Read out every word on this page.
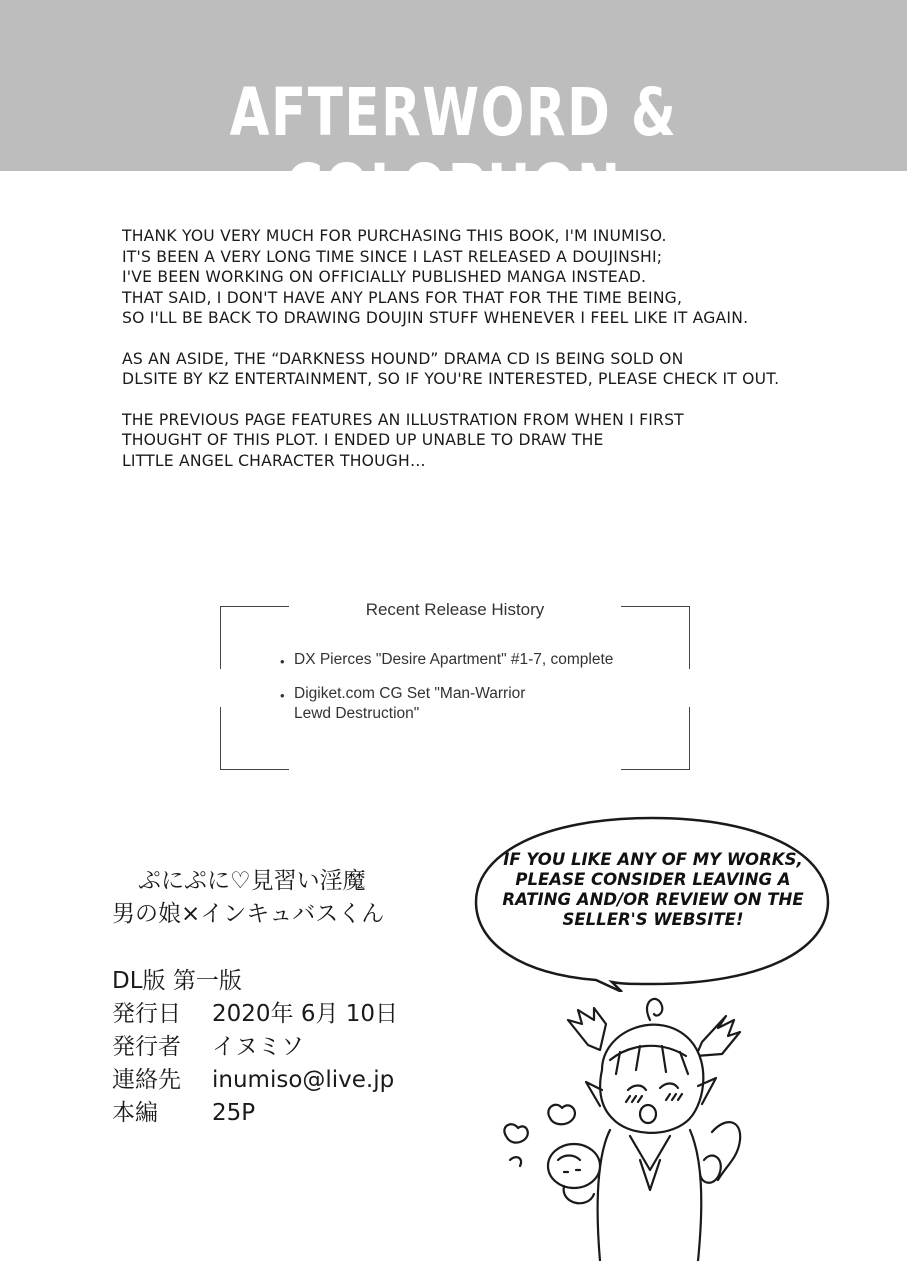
AFTERWORD & COLOPHON

THANK YOU VERY MUCH FOR PURCHASING THIS BOOK, I'M INUMISO.
IT'S BEEN A VERY LONG TIME SINCE I LAST RELEASED A DOUJINSHI;
I'VE BEEN WORKING ON OFFICIALLY PUBLISHED MANGA INSTEAD.
THAT SAID, I DON'T HAVE ANY PLANS FOR THAT FOR THE TIME BEING,
SO I'LL BE BACK TO DRAWING DOUJIN STUFF WHENEVER I FEEL LIKE IT AGAIN.

AS AN ASIDE, THE “DARKNESS HOUND” DRAMA CD IS BEING SOLD ON
DLSITE BY KZ ENTERTAINMENT, SO IF YOU'RE INTERESTED, PLEASE CHECK IT OUT.

THE PREVIOUS PAGE FEATURES AN ILLUSTRATION FROM WHEN I FIRST
THOUGHT OF THIS PLOT. I ENDED UP UNABLE TO DRAW THE
LITTLE ANGEL CHARACTER THOUGH…

Recent Release History
• DX Pierces "Desire Apartment" #1-7, complete
• Digiket.com CG Set "Man-Warrior
Lewd Destruction"
ぷにぷに♡見習い淫魔
男の娘×インキュバスくん
DL版 第一版
発行日	2020年 6月 10日
発行者	イヌミソ
連絡先	inumiso@live.jp
本編	25P
IF YOU LIKE ANY OF MY WORKS, PLEASE CONSIDER LEAVING A RATING AND/OR REVIEW ON THE SELLER'S WEBSITE!
